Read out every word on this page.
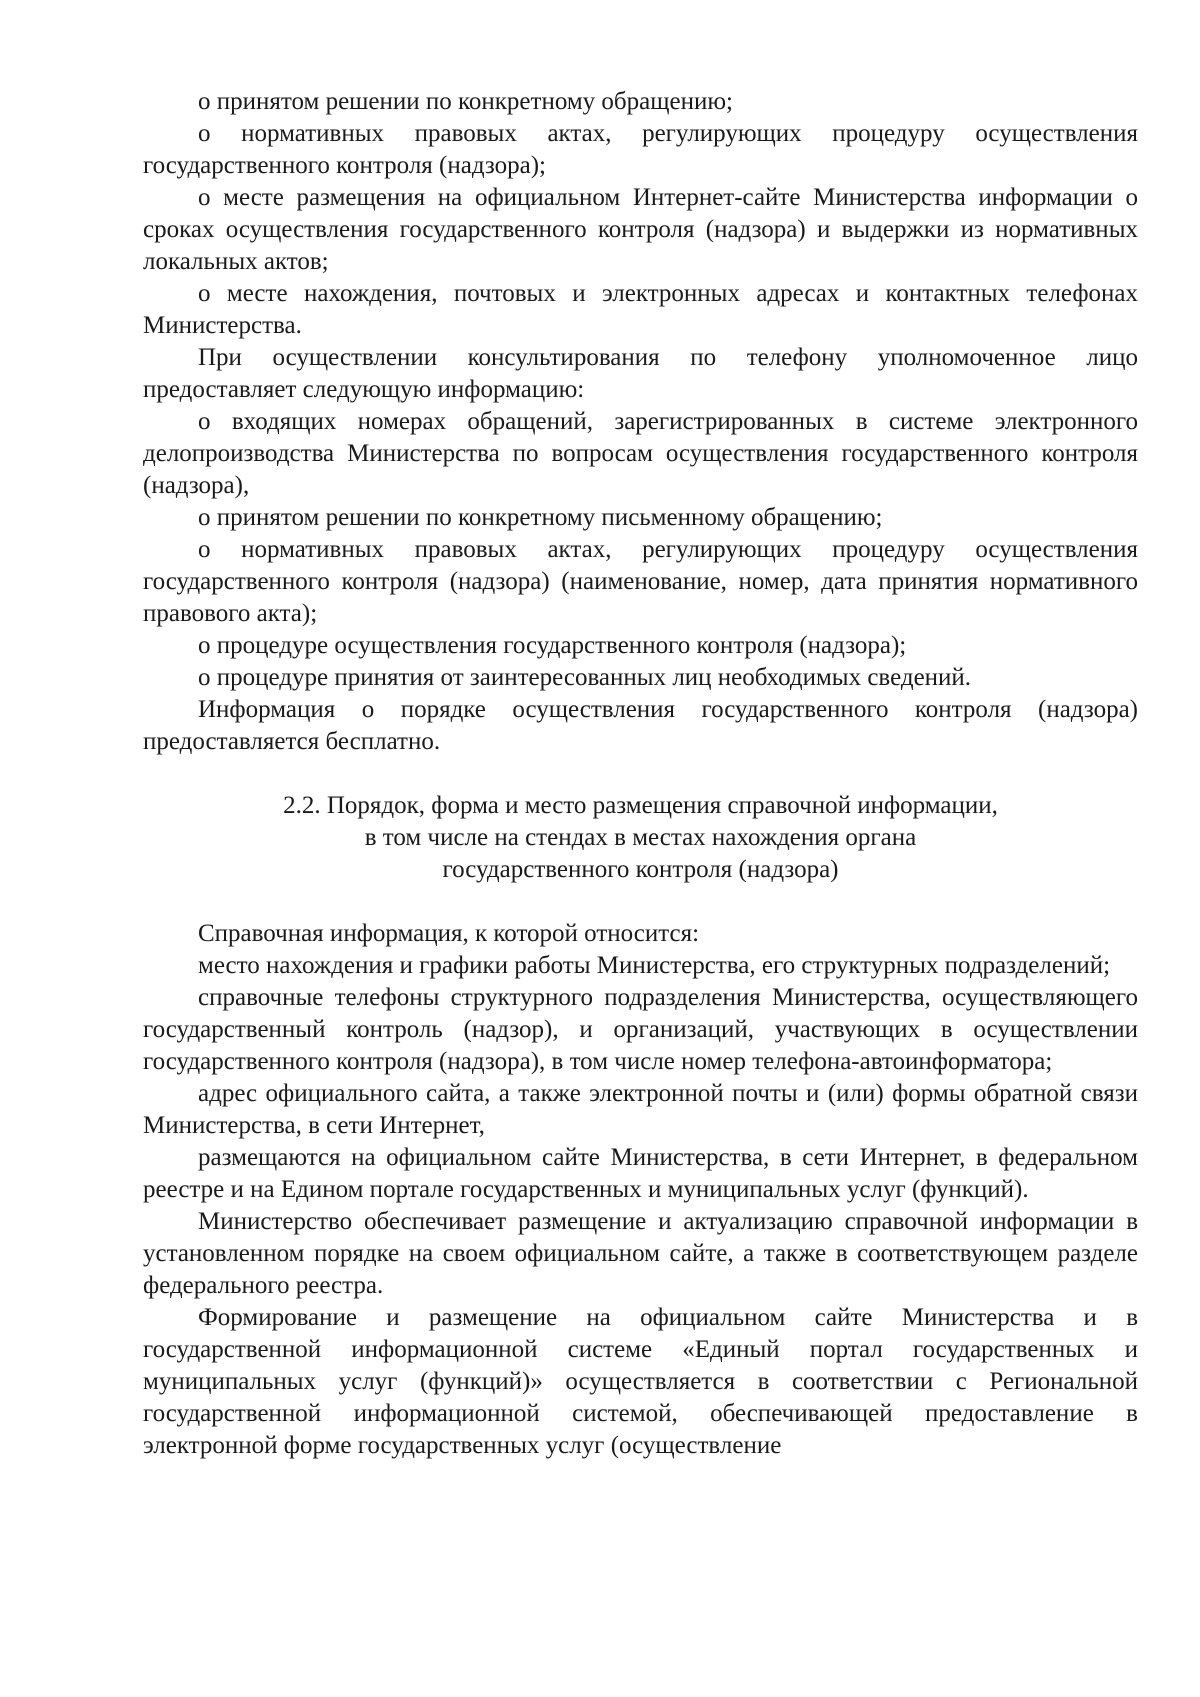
о принятом решении по конкретному обращению;

о нормативных правовых актах, регулирующих процедуру осуществления государственного контроля (надзора);

о месте размещения на официальном Интернет-сайте Министерства информации о сроках осуществления государственного контроля (надзора) и выдержки из нормативных локальных актов;

о месте нахождения, почтовых и электронных адресах и контактных телефонах Министерства.

При осуществлении консультирования по телефону уполномоченное лицо предоставляет следующую информацию:

о входящих номерах обращений, зарегистрированных в системе электронного делопроизводства Министерства по вопросам осуществления государственного контроля (надзора),

о принятом решении по конкретному письменному обращению;

о нормативных правовых актах, регулирующих процедуру осуществления государственного контроля (надзора) (наименование, номер, дата принятия нормативного правового акта);

о процедуре осуществления государственного контроля (надзора);

о процедуре принятия от заинтересованных лиц необходимых сведений.

Информация о порядке осуществления государственного контроля (надзора) предоставляется бесплатно.

2.2. Порядок, форма и место размещения справочной информации,
в том числе на стендах в местах нахождения органа
государственного контроля (надзора)

Справочная информация, к которой относится:

место нахождения и графики работы Министерства, его структурных подразделений;

справочные телефоны структурного подразделения Министерства, осуществляющего государственный контроль (надзор), и организаций, участвующих в осуществлении государственного контроля (надзора), в том числе номер телефона-автоинформатора;

адрес официального сайта, а также электронной почты и (или) формы обратной связи Министерства, в сети Интернет,

размещаются на официальном сайте Министерства, в сети Интернет, в федеральном реестре и на Едином портале государственных и муниципальных услуг (функций).

Министерство обеспечивает размещение и актуализацию справочной информации в установленном порядке на своем официальном сайте, а также в соответствующем разделе федерального реестра.

Формирование и размещение на официальном сайте Министерства и в государственной информационной системе «Единый портал государственных и муниципальных услуг (функций)» осуществляется в соответствии с Региональной государственной информационной системой, обеспечивающей предоставление в электронной форме государственных услуг (осуществление
